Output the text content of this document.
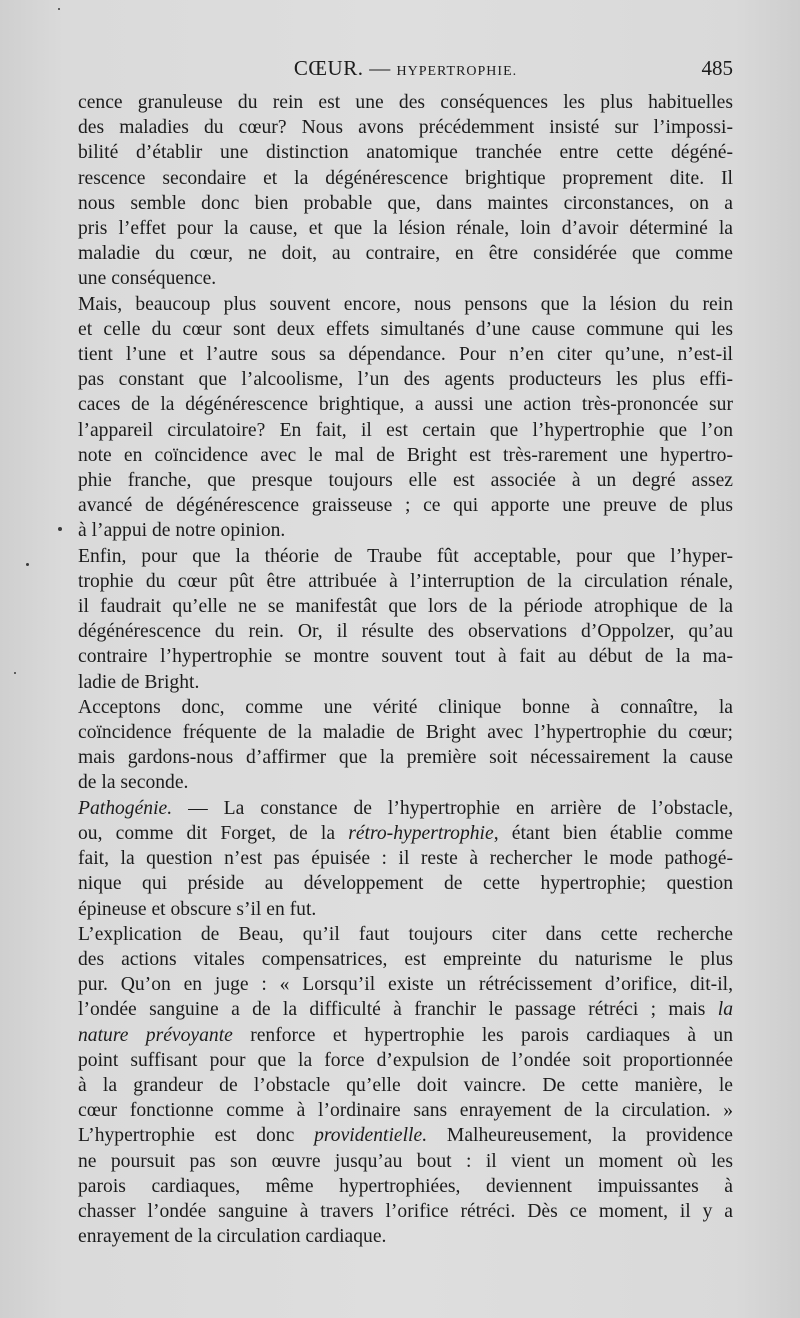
CŒUR. — HYPERTROPHIE.	485

cence granuleuse du rein est une des conséquences les plus habituelles
des maladies du cœur? Nous avons précédemment insisté sur l’impossi-
bilité d’établir une distinction anatomique tranchée entre cette dégéné-
rescence secondaire et la dégénérescence brightique proprement dite. Il
nous semble donc bien probable que, dans maintes circonstances, on a
pris l’effet pour la cause, et que la lésion rénale, loin d’avoir déterminé la
maladie du cœur, ne doit, au contraire, en être considérée que comme
une conséquence.

Mais, beaucoup plus souvent encore, nous pensons que la lésion du rein
et celle du cœur sont deux effets simultanés d’une cause commune qui les
tient l’une et l’autre sous sa dépendance. Pour n’en citer qu’une, n’est-il
pas constant que l’alcoolisme, l’un des agents producteurs les plus effi-
caces de la dégénérescence brightique, a aussi une action très-prononcée sur
l’appareil circulatoire? En fait, il est certain que l’hypertrophie que l’on
note en coïncidence avec le mal de Bright est très-rarement une hypertro-
phie franche, que presque toujours elle est associée à un degré assez
avancé de dégénérescence graisseuse ; ce qui apporte une preuve de plus
à l’appui de notre opinion.

Enfin, pour que la théorie de Traube fût acceptable, pour que l’hyper-
trophie du cœur pût être attribuée à l’interruption de la circulation rénale,
il faudrait qu’elle ne se manifestât que lors de la période atrophique de la
dégénérescence du rein. Or, il résulte des observations d’Oppolzer, qu’au
contraire l’hypertrophie se montre souvent tout à fait au début de la ma-
ladie de Bright.

Acceptons donc, comme une vérité clinique bonne à connaître, la
coïncidence fréquente de la maladie de Bright avec l’hypertrophie du cœur;
mais gardons-nous d’affirmer que la première soit nécessairement la cause
de la seconde.

Pathogénie. — La constance de l’hypertrophie en arrière de l’obstacle,
ou, comme dit Forget, de la rétro-hypertrophie, étant bien établie comme
fait, la question n’est pas épuisée : il reste à rechercher le mode pathogé-
nique qui préside au développement de cette hypertrophie; question
épineuse et obscure s’il en fut.

L’explication de Beau, qu’il faut toujours citer dans cette recherche
des actions vitales compensatrices, est empreinte du naturisme le plus
pur. Qu’on en juge : « Lorsqu’il existe un rétrécissement d’orifice, dit-il,
l’ondée sanguine a de la difficulté à franchir le passage rétréci ; mais la
nature prévoyante renforce et hypertrophie les parois cardiaques à un
point suffisant pour que la force d’expulsion de l’ondée soit proportionnée
à la grandeur de l’obstacle qu’elle doit vaincre. De cette manière, le
cœur fonctionne comme à l’ordinaire sans enrayement de la circulation. »
L’hypertrophie est donc providentielle. Malheureusement, la providence
ne poursuit pas son œuvre jusqu’au bout : il vient un moment où les
parois cardiaques, même hypertrophiées, deviennent impuissantes à
chasser l’ondée sanguine à travers l’orifice rétréci. Dès ce moment, il y a
enrayement de la circulation cardiaque.
